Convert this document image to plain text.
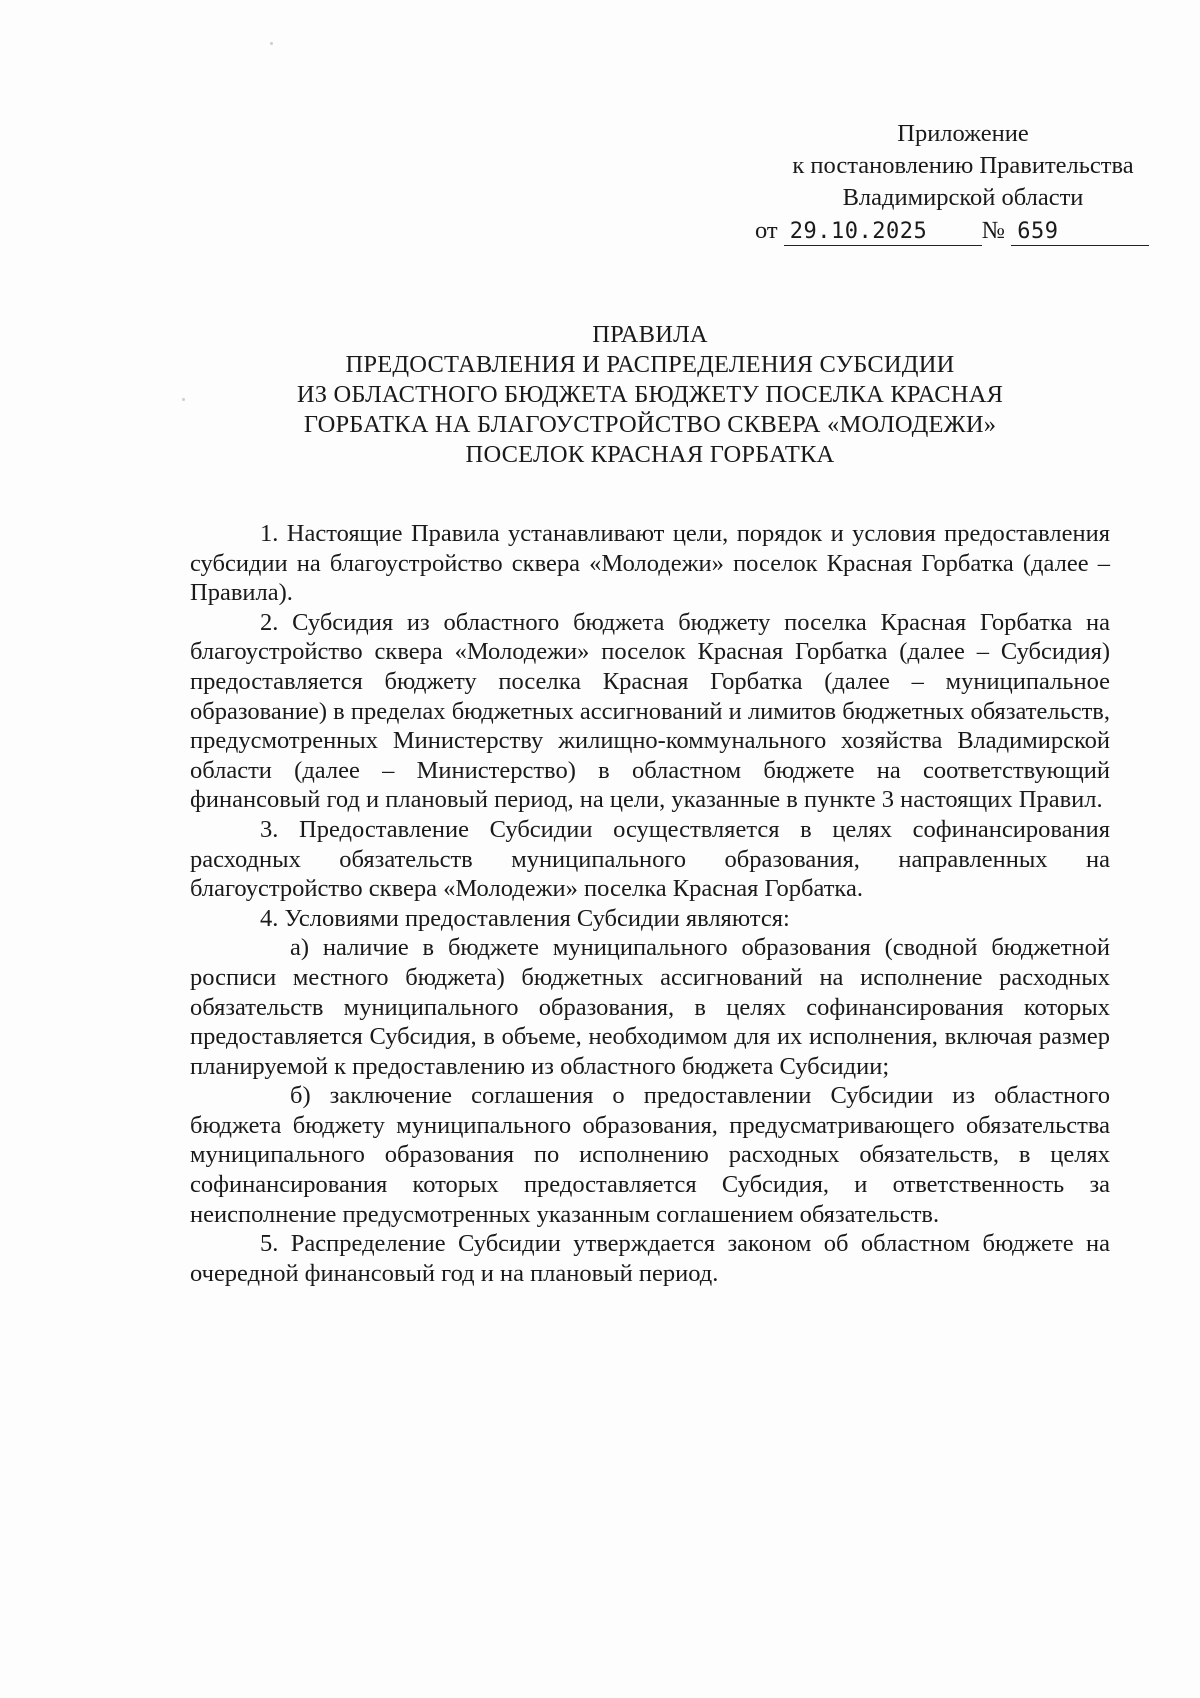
Приложение
к постановлению Правительства
Владимирской области
от 29.10.2025 № 659
ПРАВИЛА
ПРЕДОСТАВЛЕНИЯ И РАСПРЕДЕЛЕНИЯ СУБСИДИИ
ИЗ ОБЛАСТНОГО БЮДЖЕТА БЮДЖЕТУ ПОСЕЛКА КРАСНАЯ
ГОРБАТКА НА БЛАГОУСТРОЙСТВО СКВЕРА «МОЛОДЕЖИ»
ПОСЕЛОК КРАСНАЯ ГОРБАТКА

1. Настоящие Правила устанавливают цели, порядок и условия предоставления субсидии на благоустройство сквера «Молодежи» поселок Красная Горбатка (далее – Правила).

2. Субсидия из областного бюджета бюджету поселка Красная Горбатка на благоустройство сквера «Молодежи» поселок Красная Горбатка (далее – Субсидия) предоставляется бюджету поселка Красная Горбатка (далее – муниципальное образование) в пределах бюджетных ассигнований и лимитов бюджетных обязательств, предусмотренных Министерству жилищно-коммунального хозяйства Владимирской области (далее – Министерство) в областном бюджете на соответствующий финансовый год и плановый период, на цели, указанные в пункте 3 настоящих Правил.

3. Предоставление Субсидии осуществляется в целях софинансирования расходных обязательств муниципального образования, направленных на благоустройство сквера «Молодежи» поселка Красная Горбатка.

4. Условиями предоставления Субсидии являются:

а) наличие в бюджете муниципального образования (сводной бюджетной росписи местного бюджета) бюджетных ассигнований на исполнение расходных обязательств муниципального образования, в целях софинансирования которых предоставляется Субсидия, в объеме, необходимом для их исполнения, включая размер планируемой к предоставлению из областного бюджета Субсидии;

б) заключение соглашения о предоставлении Субсидии из областного бюджета бюджету муниципального образования, предусматривающего обязательства муниципального образования по исполнению расходных обязательств, в целях софинансирования которых предоставляется Субсидия, и ответственность за неисполнение предусмотренных указанным соглашением обязательств.

5. Распределение Субсидии утверждается законом об областном бюджете на очередной финансовый год и на плановый период.
